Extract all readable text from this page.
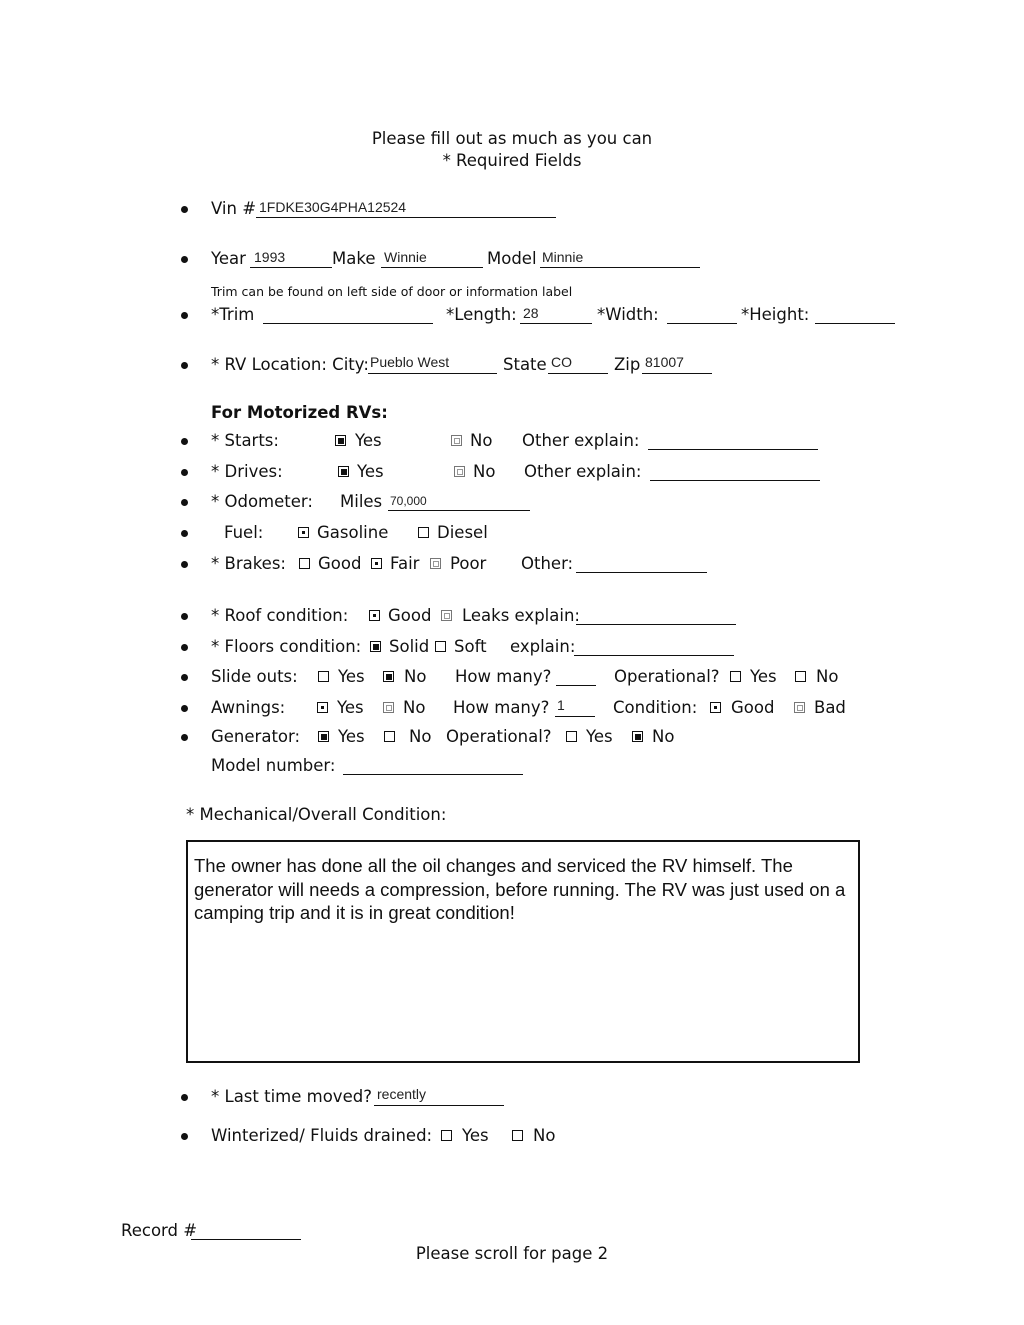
Please fill out as much as you can
* Required Fields
Vin # 1FDKE30G4PHA12524
Year 1993	Make Winnie	Model Minnie
Trim can be found on left side of door or information label
*Trim	*Length: 28	*Width:	*Height:
* RV Location: City: Pueblo West	State CO	Zip 81007
For Motorized RVs:
* Starts:	Yes	No Other explain:
* Drives:	Yes	No Other explain:
* Odometer: Miles 70,000
Fuel:	Gasoline	Diesel
* Brakes: Good Fair Poor Other:
* Roof condition: Good Leaks explain:
* Floors condition: Solid Soft explain:
Slide outs: Yes No How many?	Operational? Yes No
Awnings:	Yes No How many? 1	Condition: Good Bad
Generator: Yes	No Operational? Yes No
Model number:
* Mechanical/Overall Condition:
The owner has done all the oil changes and serviced the RV himself. The generator will needs a compression, before running. The RV was just used on a camping trip and it is in great condition!
* Last time moved? recently
Winterized/ Fluids drained: Yes	No
Record #
Please scroll for page 2
